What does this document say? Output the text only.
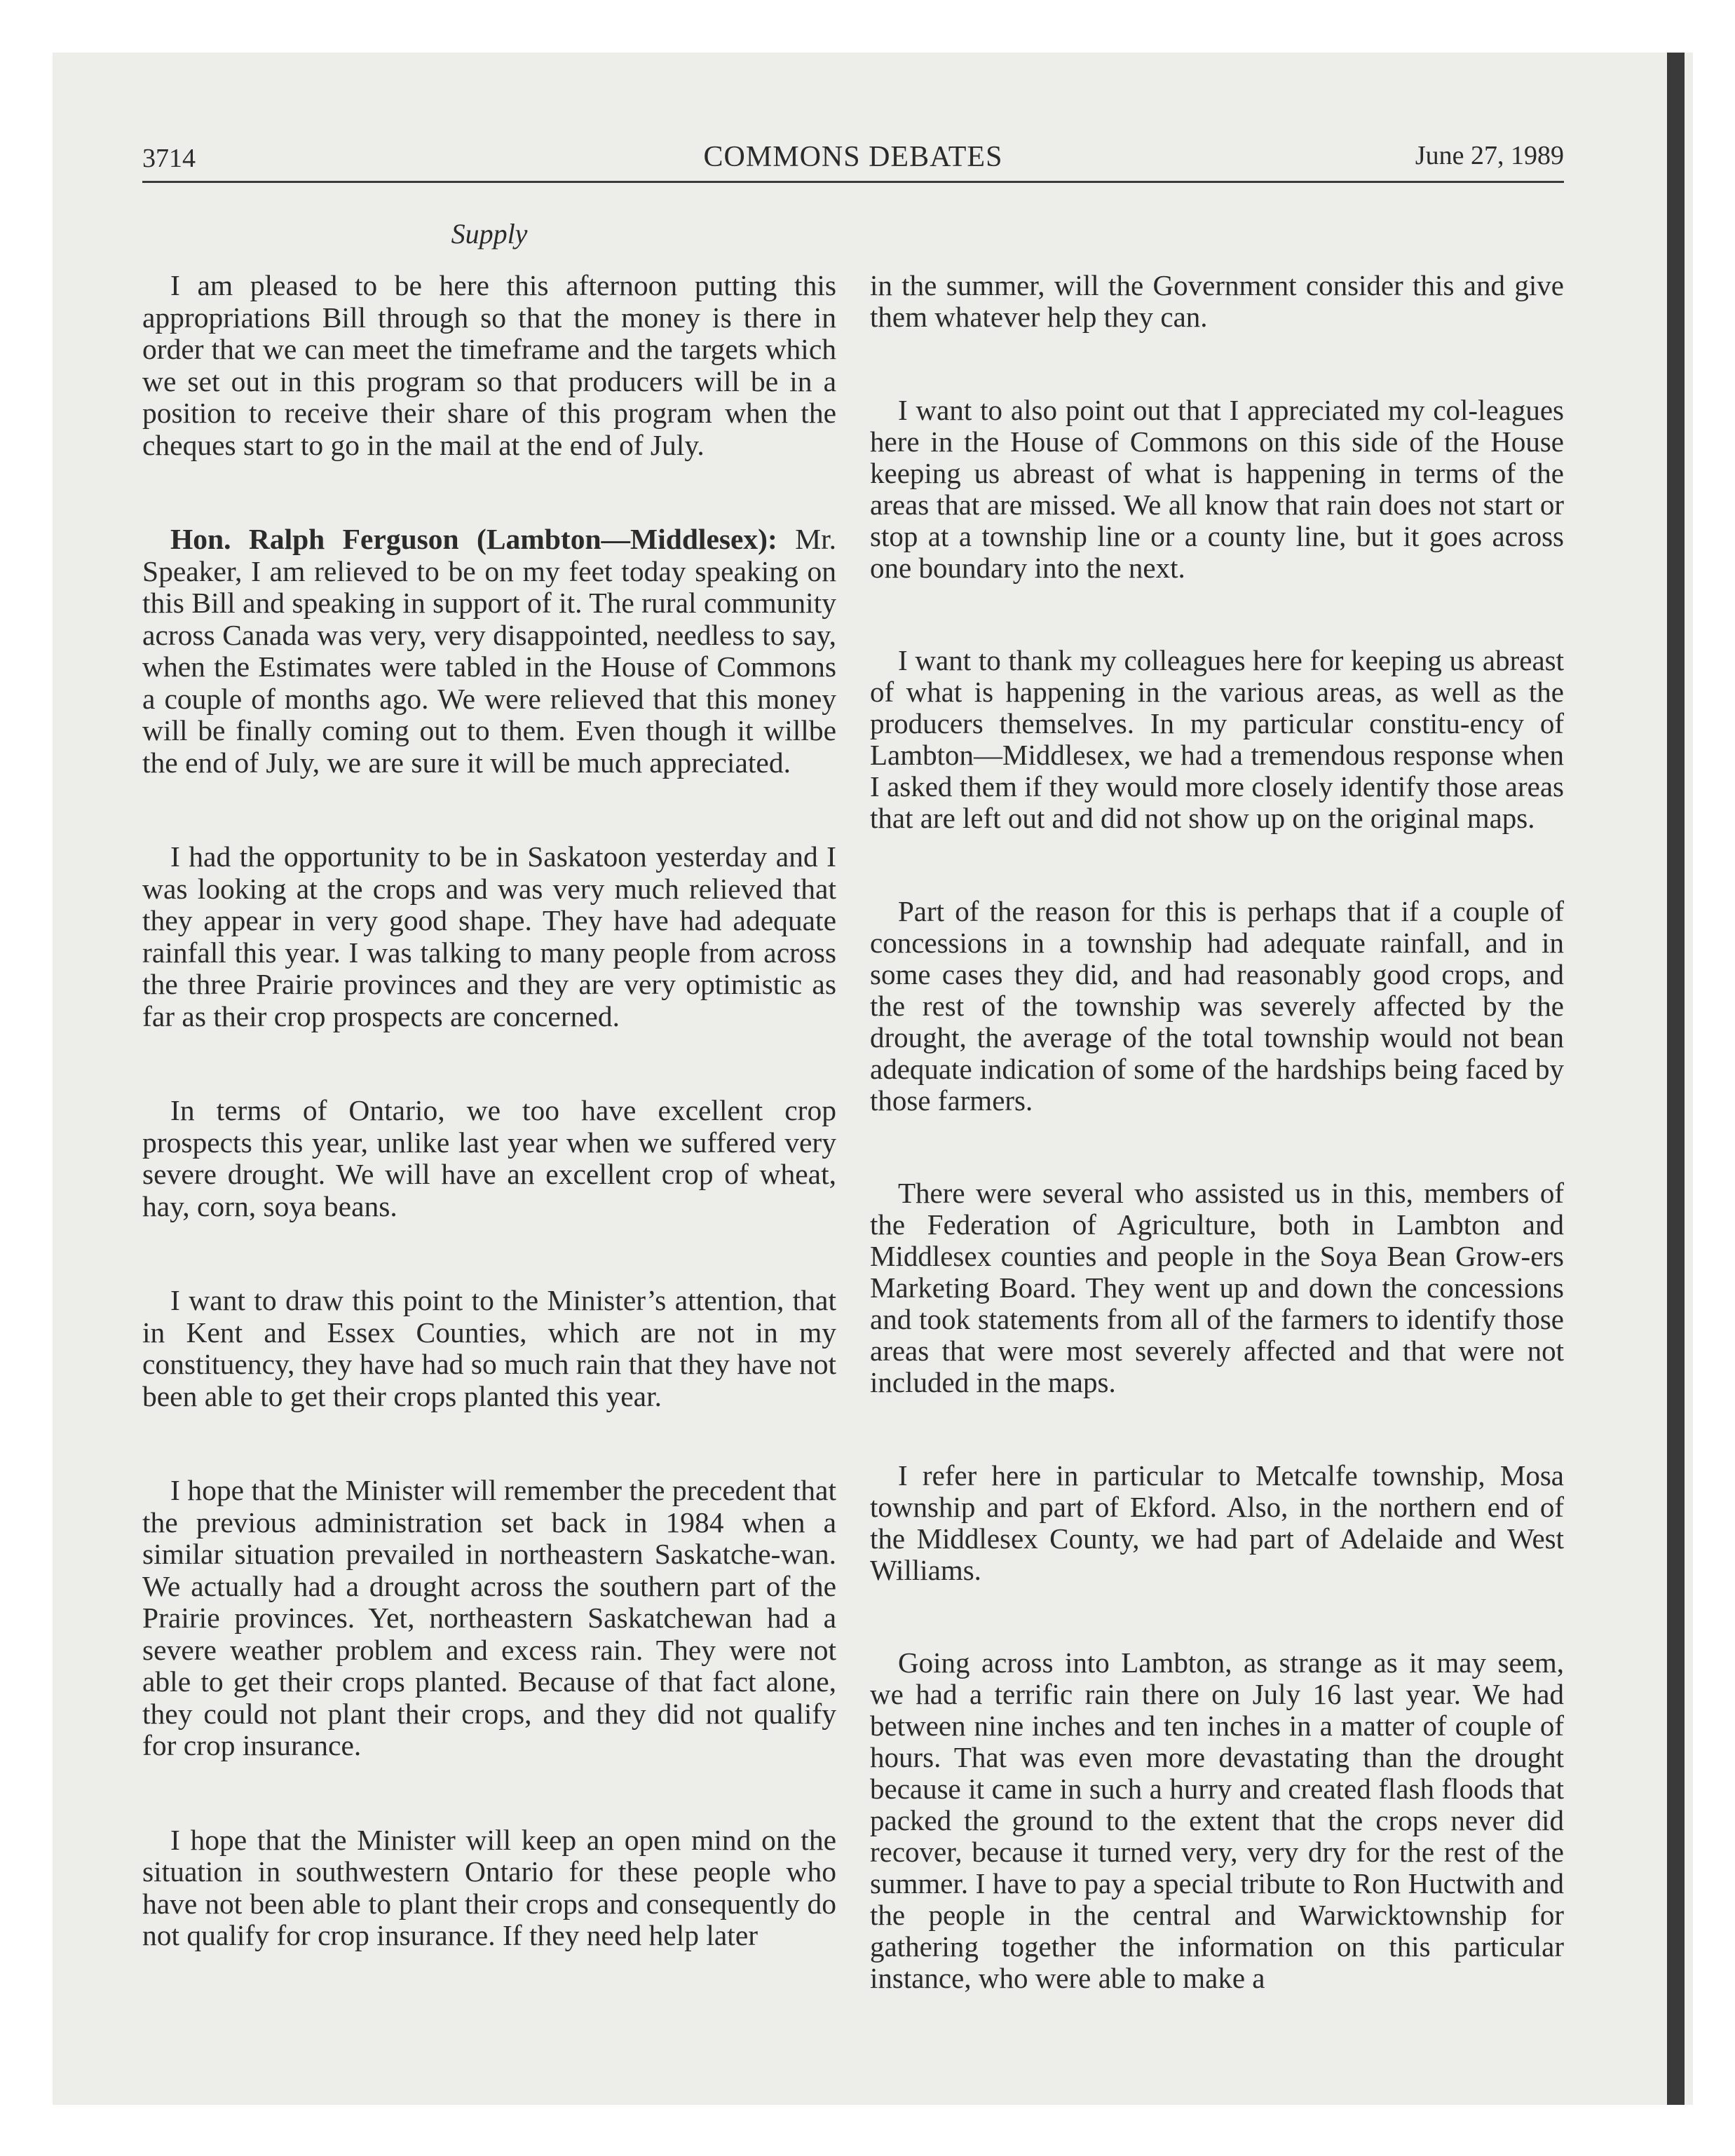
3714	COMMONS DEBATES	June 27, 1989
Supply

I am pleased to be here this afternoon putting this appropriations Bill through so that the money is there in order that we can meet the timeframe and the targets which we set out in this program so that producers will be in a position to receive their share of this program when the cheques start to go in the mail at the end of July.

Hon. Ralph Ferguson (Lambton—Middlesex): Mr. Speaker, I am relieved to be on my feet today speaking on this Bill and speaking in support of it. The rural community across Canada was very, very disappointed, needless to say, when the Estimates were tabled in the House of Commons a couple of months ago. We were relieved that this money will be finally coming out to them. Even though it willbe the end of July, we are sure it will be much appreciated.

I had the opportunity to be in Saskatoon yesterday and I was looking at the crops and was very much relieved that they appear in very good shape. They have had adequate rainfall this year. I was talking to many people from across the three Prairie provinces and they are very optimistic as far as their crop prospects are concerned.

In terms of Ontario, we too have excellent crop prospects this year, unlike last year when we suffered very severe drought. We will have an excellent crop of wheat, hay, corn, soya beans.

I want to draw this point to the Minister’s attention, that in Kent and Essex Counties, which are not in my constituency, they have had so much rain that they have not been able to get their crops planted this year.

I hope that the Minister will remember the precedent that the previous administration set back in 1984 when a similar situation prevailed in northeastern Saskatche-wan. We actually had a drought across the southern part of the Prairie provinces. Yet, northeastern Saskatchewan had a severe weather problem and excess rain. They were not able to get their crops planted. Because of that fact alone, they could not plant their crops, and they did not qualify for crop insurance.

I hope that the Minister will keep an open mind on the situation in southwestern Ontario for these people who have not been able to plant their crops and consequently do not qualify for crop insurance. If they need help later

in the summer, will the Government consider this and give them whatever help they can.

I want to also point out that I appreciated my col-leagues here in the House of Commons on this side of the House keeping us abreast of what is happening in terms of the areas that are missed. We all know that rain does not start or stop at a township line or a county line, but it goes across one boundary into the next.

I want to thank my colleagues here for keeping us abreast of what is happening in the various areas, as well as the producers themselves. In my particular constitu-ency of Lambton—Middlesex, we had a tremendous response when I asked them if they would more closely identify those areas that are left out and did not show up on the original maps.

Part of the reason for this is perhaps that if a couple of concessions in a township had adequate rainfall, and in some cases they did, and had reasonably good crops, and the rest of the township was severely affected by the drought, the average of the total township would not bean adequate indication of some of the hardships being faced by those farmers.

There were several who assisted us in this, members of the Federation of Agriculture, both in Lambton and Middlesex counties and people in the Soya Bean Grow-ers Marketing Board. They went up and down the concessions and took statements from all of the farmers to identify those areas that were most severely affected and that were not included in the maps.

I refer here in particular to Metcalfe township, Mosa township and part of Ekford. Also, in the northern end of the Middlesex County, we had part of Adelaide and West Williams.

Going across into Lambton, as strange as it may seem, we had a terrific rain there on July 16 last year. We had between nine inches and ten inches in a matter of couple of hours. That was even more devastating than the drought because it came in such a hurry and created flash floods that packed the ground to the extent that the crops never did recover, because it turned very, very dry for the rest of the summer. I have to pay a special tribute to Ron Huctwith and the people in the central and Warwicktownship for gathering together the information on this particular instance, who were able to make a
